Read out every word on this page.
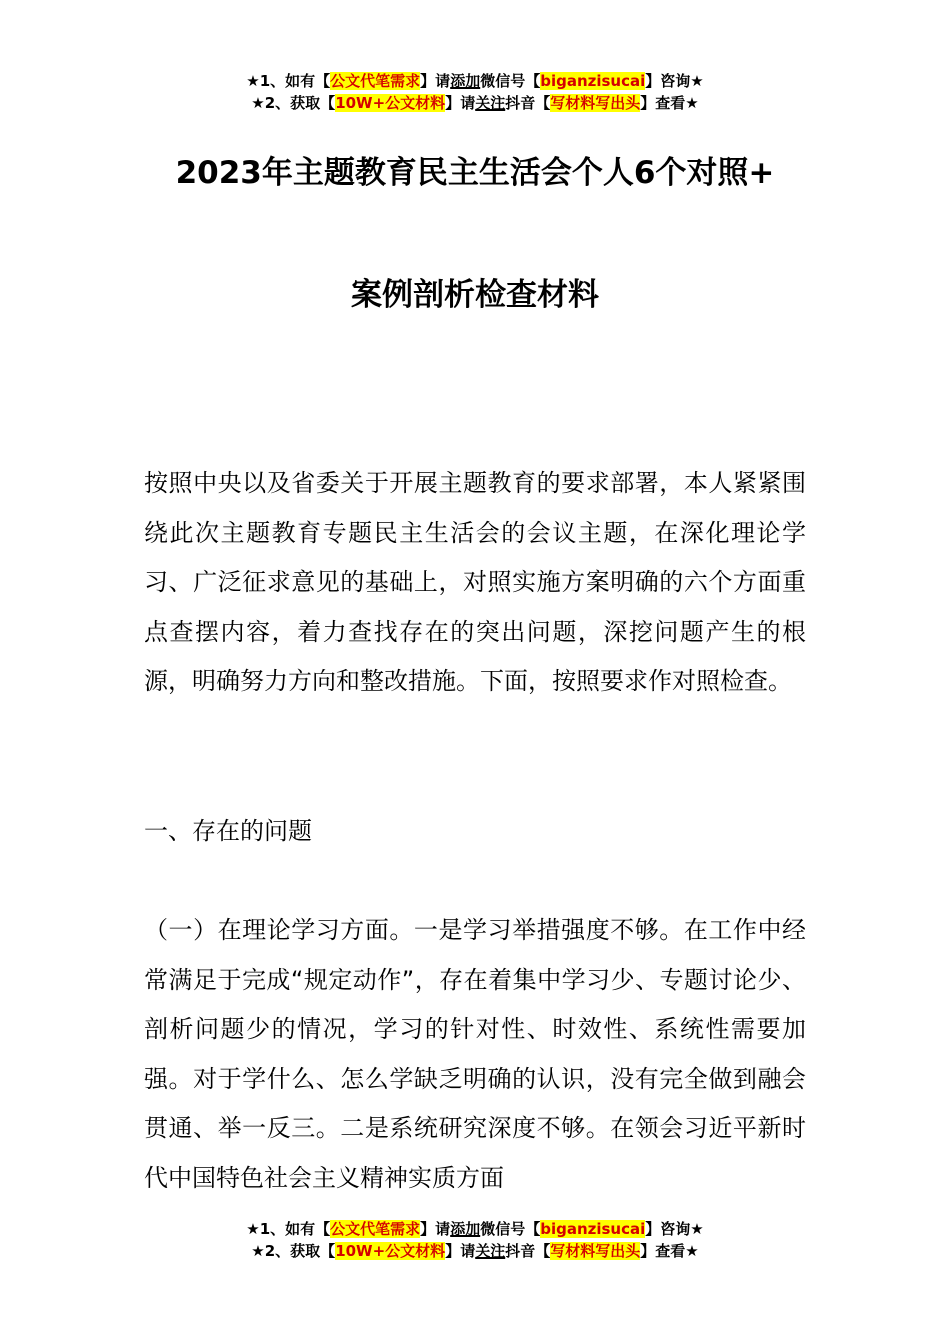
★1、如有【公文代笔需求】请添加微信号【biganzisucai】咨询★
★2、获取【10W+公文材料】请关注抖音【写材料写出头】查看★
2023年主题教育民主生活会个人6个对照+
案例剖析检查材料

按照中央以及省委关于开展主题教育的要求部署，本人紧紧围绕此次主题教育专题民主生活会的会议主题，在深化理论学习、广泛征求意见的基础上，对照实施方案明确的六个方面重点查摆内容，着力查找存在的突出问题，深挖问题产生的根源，明确努力方向和整改措施。下面，按照要求作对照检查。

一、存在的问题

（一）在理论学习方面。一是学习举措强度不够。在工作中经常满足于完成“规定动作”，存在着集中学习少、专题讨论少、剖析问题少的情况，学习的针对性、时效性、系统性需要加强。对于学什么、怎么学缺乏明确的认识，没有完全做到融会贯通、举一反三。二是系统研究深度不够。在领会习近平新时代中国特色社会主义精神实质方面

★1、如有【公文代笔需求】请添加微信号【biganzisucai】咨询★
★2、获取【10W+公文材料】请关注抖音【写材料写出头】查看★
